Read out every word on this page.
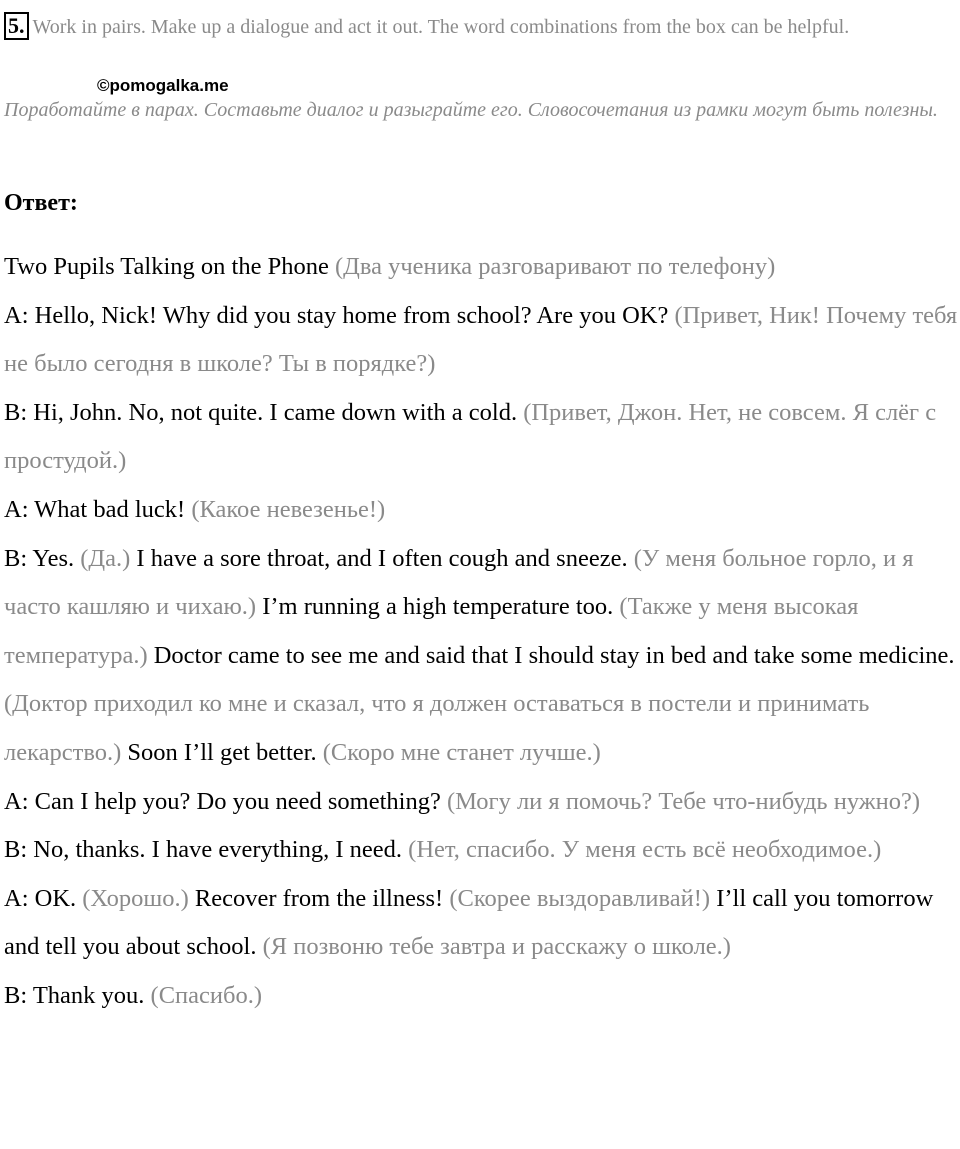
5. Work in pairs. Make up a dialogue and act it out. The word combinations from the box can be helpful.
©pomogalka.me
Поработайте в парах. Составьте диалог и разыграйте его. Словосочетания из рамки могут быть полезны.
Ответ:

Two Pupils Talking on the Phone (Два ученика разговаривают по телефону)

A: Hello, Nick! Why did you stay home from school? Are you OK? (Привет, Ник! Почему тебя не было сегодня в школе? Ты в порядке?)

B: Hi, John. No, not quite. I came down with a cold. (Привет, Джон. Нет, не совсем. Я слёг с простудой.)

A: What bad luck! (Какое невезенье!)

B: Yes. (Да.) I have a sore throat, and I often cough and sneeze. (У меня больное горло, и я часто кашляю и чихаю.) I’m running a high temperature too. (Также у меня высокая температура.) Doctor came to see me and said that I should stay in bed and take some medicine. (Доктор приходил ко мне и сказал, что я должен оставаться в постели и принимать лекарство.) Soon I’ll get better. (Скоро мне станет лучше.)

A: Can I help you? Do you need something? (Могу ли я помочь? Тебе что-нибудь нужно?)

B: No, thanks. I have everything, I need. (Нет, спасибо. У меня есть всё необходимое.)

A: OK. (Хорошо.) Recover from the illness! (Скорее выздоравливай!) I’ll call you tomorrow and tell you about school. (Я позвоню тебе завтра и расскажу о школе.)

B: Thank you. (Спасибо.)
